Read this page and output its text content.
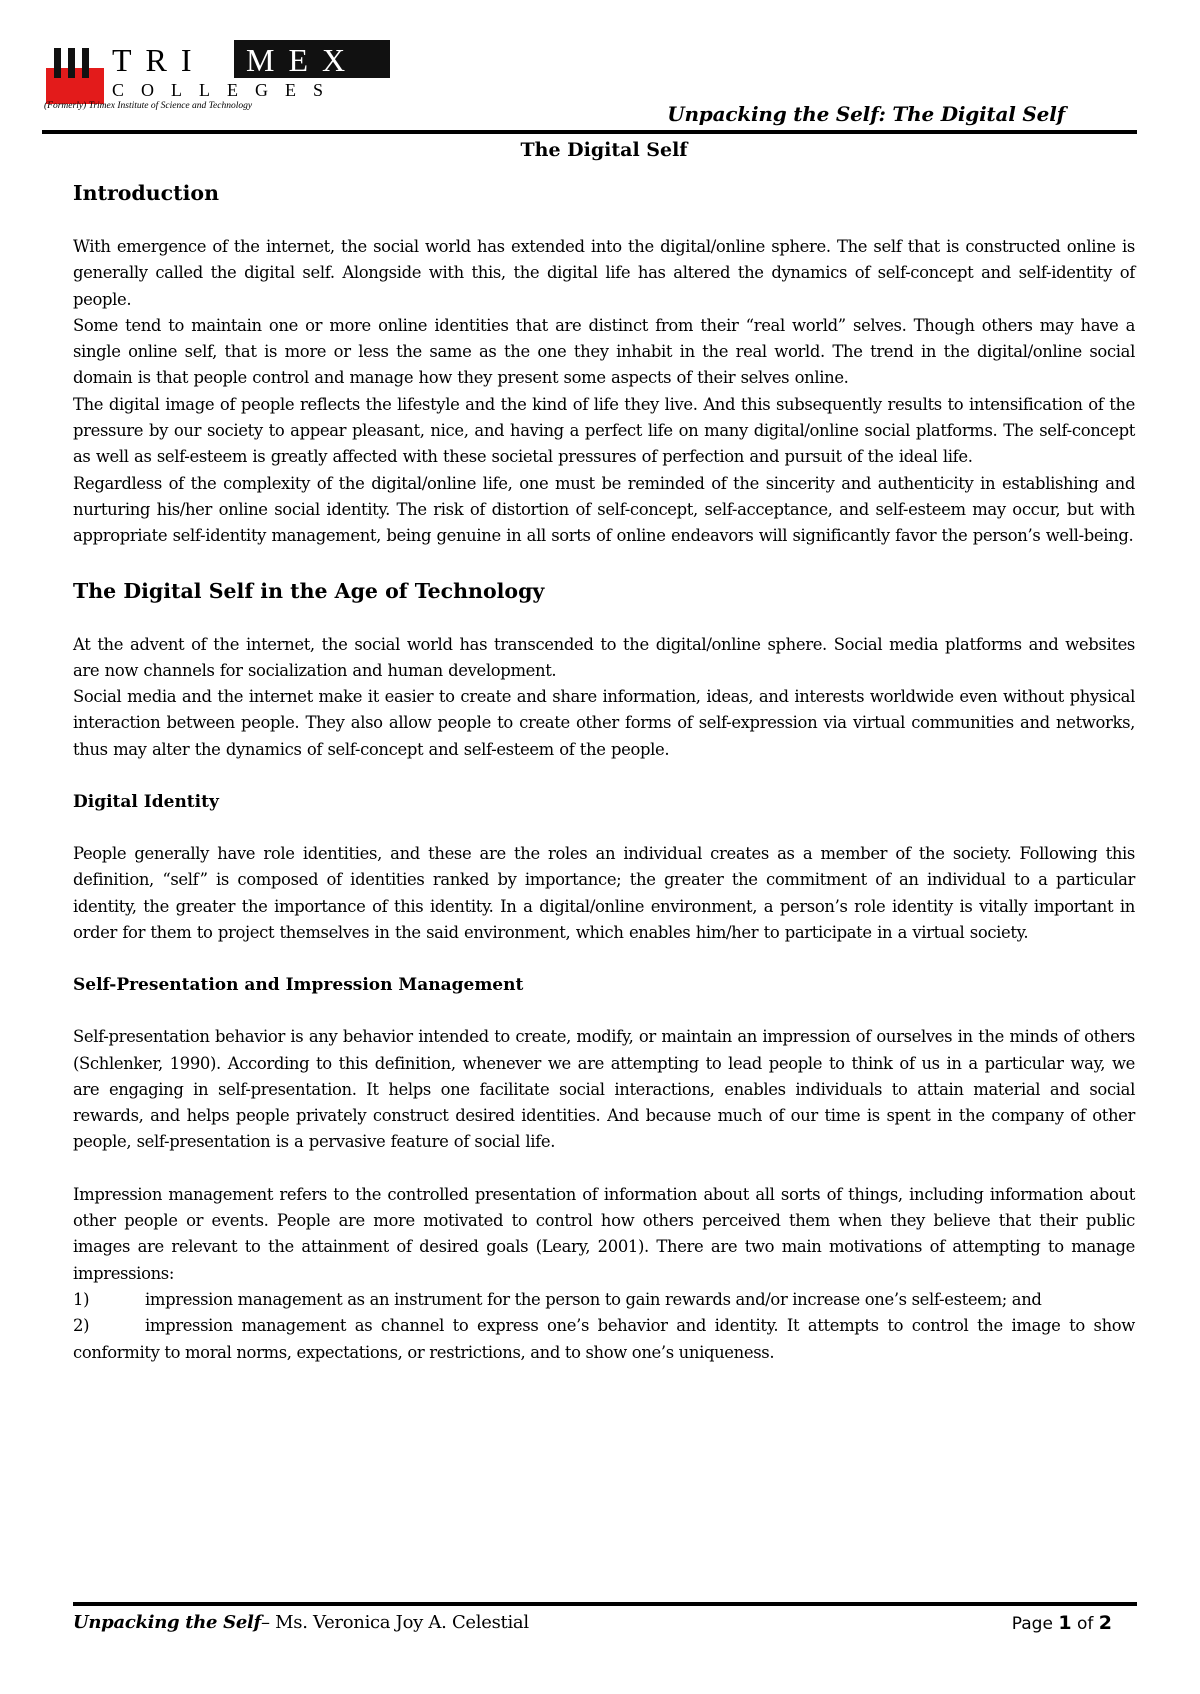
TRI MEX
COLLEGES
(Formerly) Trimex Institute of Science and Technology	Unpacking the Self: The Digital Self
The Digital Self
Introduction

With emergence of the internet, the social world has extended into the digital/online sphere. The self that is constructed online is generally called the digital self. Alongside with this, the digital life has altered the dynamics of self-concept and self-identity of people.

Some tend to maintain one or more online identities that are distinct from their “real world” selves. Though others may have a single online self, that is more or less the same as the one they inhabit in the real world. The trend in the digital/online social domain is that people control and manage how they present some aspects of their selves online.

The digital image of people reflects the lifestyle and the kind of life they live. And this subsequently results to intensification of the pressure by our society to appear pleasant, nice, and having a perfect life on many digital/online social platforms. The self-concept as well as self-esteem is greatly affected with these societal pressures of perfection and pursuit of the ideal life.

Regardless of the complexity of the digital/online life, one must be reminded of the sincerity and authenticity in establishing and nurturing his/her online social identity. The risk of distortion of self-concept, self-acceptance, and self-esteem may occur, but with appropriate self-identity management, being genuine in all sorts of online endeavors will significantly favor the person’s well-being.

The Digital Self in the Age of Technology

At the advent of the internet, the social world has transcended to the digital/online sphere. Social media platforms and websites are now channels for socialization and human development.

Social media and the internet make it easier to create and share information, ideas, and interests worldwide even without physical interaction between people. They also allow people to create other forms of self-expression via virtual communities and networks, thus may alter the dynamics of self-concept and self-esteem of the people.

Digital Identity

People generally have role identities, and these are the roles an individual creates as a member of the society. Following this definition, “self” is composed of identities ranked by importance; the greater the commitment of an individual to a particular identity, the greater the importance of this identity. In a digital/online environment, a person’s role identity is vitally important in order for them to project themselves in the said environment, which enables him/her to participate in a virtual society.

Self-Presentation and Impression Management

Self-presentation behavior is any behavior intended to create, modify, or maintain an impression of ourselves in the minds of others (Schlenker, 1990). According to this definition, whenever we are attempting to lead people to think of us in a particular way, we are engaging in self-presentation. It helps one facilitate social interactions, enables individuals to attain material and social rewards, and helps people privately construct desired identities. And because much of our time is spent in the company of other people, self-presentation is a pervasive feature of social life.

Impression management refers to the controlled presentation of information about all sorts of things, including information about other people or events. People are more motivated to control how others perceived them when they believe that their public images are relevant to the attainment of desired goals (Leary, 2001). There are two main motivations of attempting to manage impressions:

1)	impression management as an instrument for the person to gain rewards and/or increase one’s self-esteem; and

2)	impression management as channel to express one’s behavior and identity. It attempts to control the image to show conformity to moral norms, expectations, or restrictions, and to show one’s uniqueness.

Unpacking the Self– Ms. Veronica Joy A. Celestial	Page 1 of 2
